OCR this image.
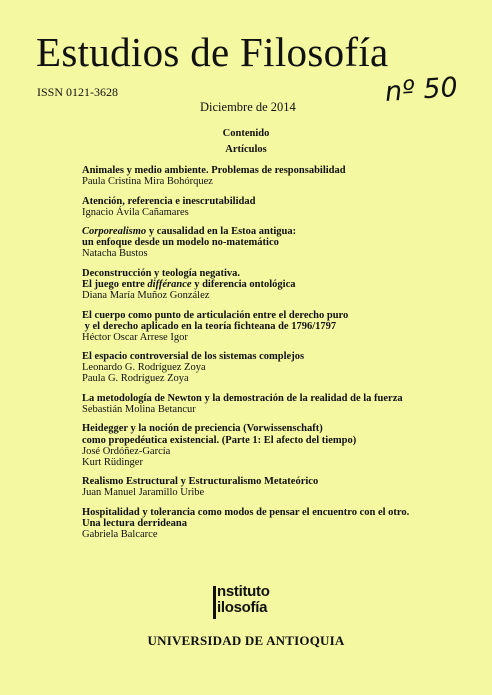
Estudios de Filosofía
ISSN 0121-3628
Diciembre de 2014	nº 50
Contenido
Artículos
Animales y medio ambiente. Problemas de responsabilidad
Paula Cristina Mira Bohórquez
Atención, referencia e inescrutabilidad
Ignacio Ávila Cañamares
Corporealismo y causalidad en la Estoa antigua:
un enfoque desde un modelo no-matemático
Natacha Bustos
Deconstrucción y teología negativa.
El juego entre différance y diferencia ontológica
Diana María Muñoz González
El cuerpo como punto de articulación entre el derecho puro
y el derecho aplicado en la teoría fichteana de 1796/1797
Héctor Oscar Arrese Igor
El espacio controversial de los sistemas complejos
Leonardo G. Rodríguez Zoya
Paula G. Rodríguez Zoya
La metodología de Newton y la demostración de la realidad de la fuerza
Sebastián Molina Betancur
Heidegger y la noción de preciencia (Vorwissenschaft)
como propedéutica existencial. (Parte 1: El afecto del tiempo)
José Ordóñez-García
Kurt Rüdinger
Realismo Estructural y Estructuralismo Metateórico
Juan Manuel Jaramillo Uribe
Hospitalidad y tolerancia como modos de pensar el encuentro con el otro.
Una lectura derrideana
Gabriela Balcarce
nstituto
ilosofía
UNIVERSIDAD DE ANTIOQUIA
